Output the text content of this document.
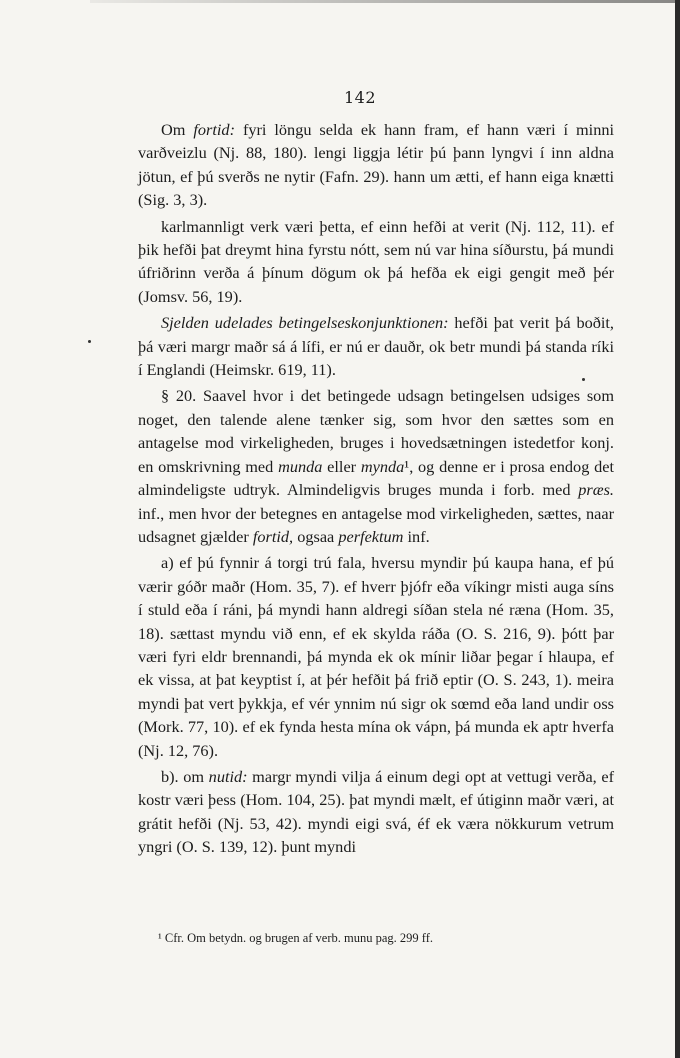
142

Om fortid: fyri löngu selda ek hann fram, ef hann væri í minni varðveizlu (Nj. 88, 180). lengi liggja létir þú þann lyngvi í inn aldna jötun, ef þú sverðs ne nytir (Fafn. 29). hann um ætti, ef hann eiga knætti (Sig. 3, 3).

karlmannligt verk væri þetta, ef einn hefði at verit (Nj. 112, 11). ef þik hefði þat dreymt hina fyrstu nótt, sem nú var hina síðurstu, þá mundi úfriðrinn verða á þínum dögum ok þá hefða ek eigi gengit með þér (Jomsv. 56, 19).

Sjelden udelades betingelseskonjunktionen: hefði þat verit þá boðit, þá væri margr maðr sá á lífi, er nú er dauðr, ok betr mundi þá standa ríki í Englandi (Heimskr. 619, 11).

§ 20. Saavel hvor i det betingede udsagn betingelsen udsiges som noget, den talende alene tænker sig, som hvor den sættes som en antagelse mod virkeligheden, bruges i hovedsætningen istedetfor konj. en omskrivning med munda eller mynda¹, og denne er i prosa endog det almindeligste udtryk. Almindeligvis bruges munda i forb. med præs. inf., men hvor der betegnes en antagelse mod virkeligheden, sættes, naar udsagnet gjælder fortid, ogsaa perfektum inf.

a) ef þú fynnir á torgi trú fala, hversu myndir þú kaupa hana, ef þú værir góðr maðr (Hom. 35, 7). ef hverr þjófr eða víkingr misti auga síns í stuld eða í ráni, þá myndi hann aldregi síðan stela né ræna (Hom. 35, 18). sættast myndu við enn, ef ek skylda ráða (O. S. 216, 9). þótt þar væri fyri eldr brennandi, þá mynda ek ok mínir liðar þegar í hlaupa, ef ek vissa, at þat keyptist í, at þér hefðit þá frið eptir (O. S. 243, 1). meira myndi þat vert þykkja, ef vér ynnim nú sigr ok sœmd eða land undir oss (Mork. 77, 10). ef ek fynda hesta mína ok vápn, þá munda ek aptr hverfa (Nj. 12, 76).

b). om nutid: margr myndi vilja á einum degi opt at vettugi verða, ef kostr væri þess (Hom. 104, 25). þat myndi mælt, ef útiginn maðr væri, at grátit hefði (Nj. 53, 42). myndi eigi svá, éf ek væra nökkurum vetrum yngri (O. S. 139, 12). þunt myndi

¹ Cfr. Om betydn. og brugen af verb. munu pag. 299 ff.
